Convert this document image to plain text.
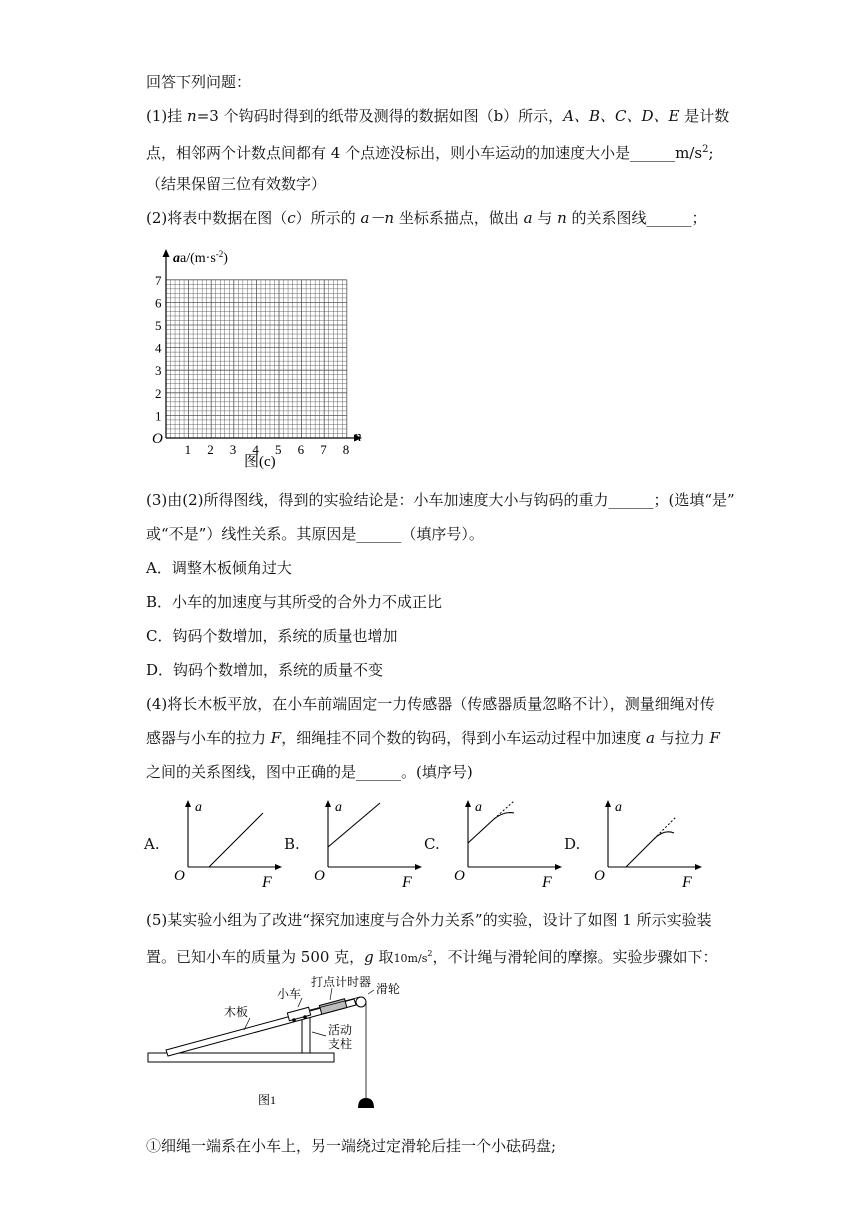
回答下列问题：
(1)挂 n=3 个钩码时得到的纸带及测得的数据如图（b）所示，A、B、C、D、E 是计数
点，相邻两个计数点间都有 4 个点迹没标出，则小车运动的加速度大小是$\_\_\_\_\_\_m/s^2$;
（结果保留三位有效数字）
(2)将表中数据在图（c）所示的 a－n 坐标系描点，做出 a 与 n 的关系图线______；
$aa/(m\cdot s^{-2})$
1
2
3
4
5
6
7
1 2 3 4 5 6 7 8
O	n
图(c)
(3)由(2)所得图线，得到的实验结论是：小车加速度大小与钩码的重力______；(选填“是”
或“不是”）线性关系。其原因是______（填序号）。
A．调整木板倾角过大
B．小车的加速度与其所受的合外力不成正比
C．钩码个数增加，系统的质量也增加
D．钩码个数增加，系统的质量不变
(4)将长木板平放，在小车前端固定一力传感器（传感器质量忽略不计），测量细绳对传
感器与小车的拉力 F，细绳挂不同个数的钩码，得到小车运动过程中加速度 a 与拉力 F
之间的关系图线，图中正确的是______。(填序号)
A.
a
O	F
B.
a
O	F
C.
a
O	F
D.
a
O	F
(5)某实验小组为了改进“探究加速度与合外力关系”的实验，设计了如图 1 所示实验装
置。已知小车的质量为 500 克，g 取$10m/s^2$，不计绳与滑轮间的摩擦。实验步骤如下：
打点计时器
小车	滑轮
木板
活动
支柱
图1
①细绳一端系在小车上，另一端绕过定滑轮后挂一个小砝码盘;
